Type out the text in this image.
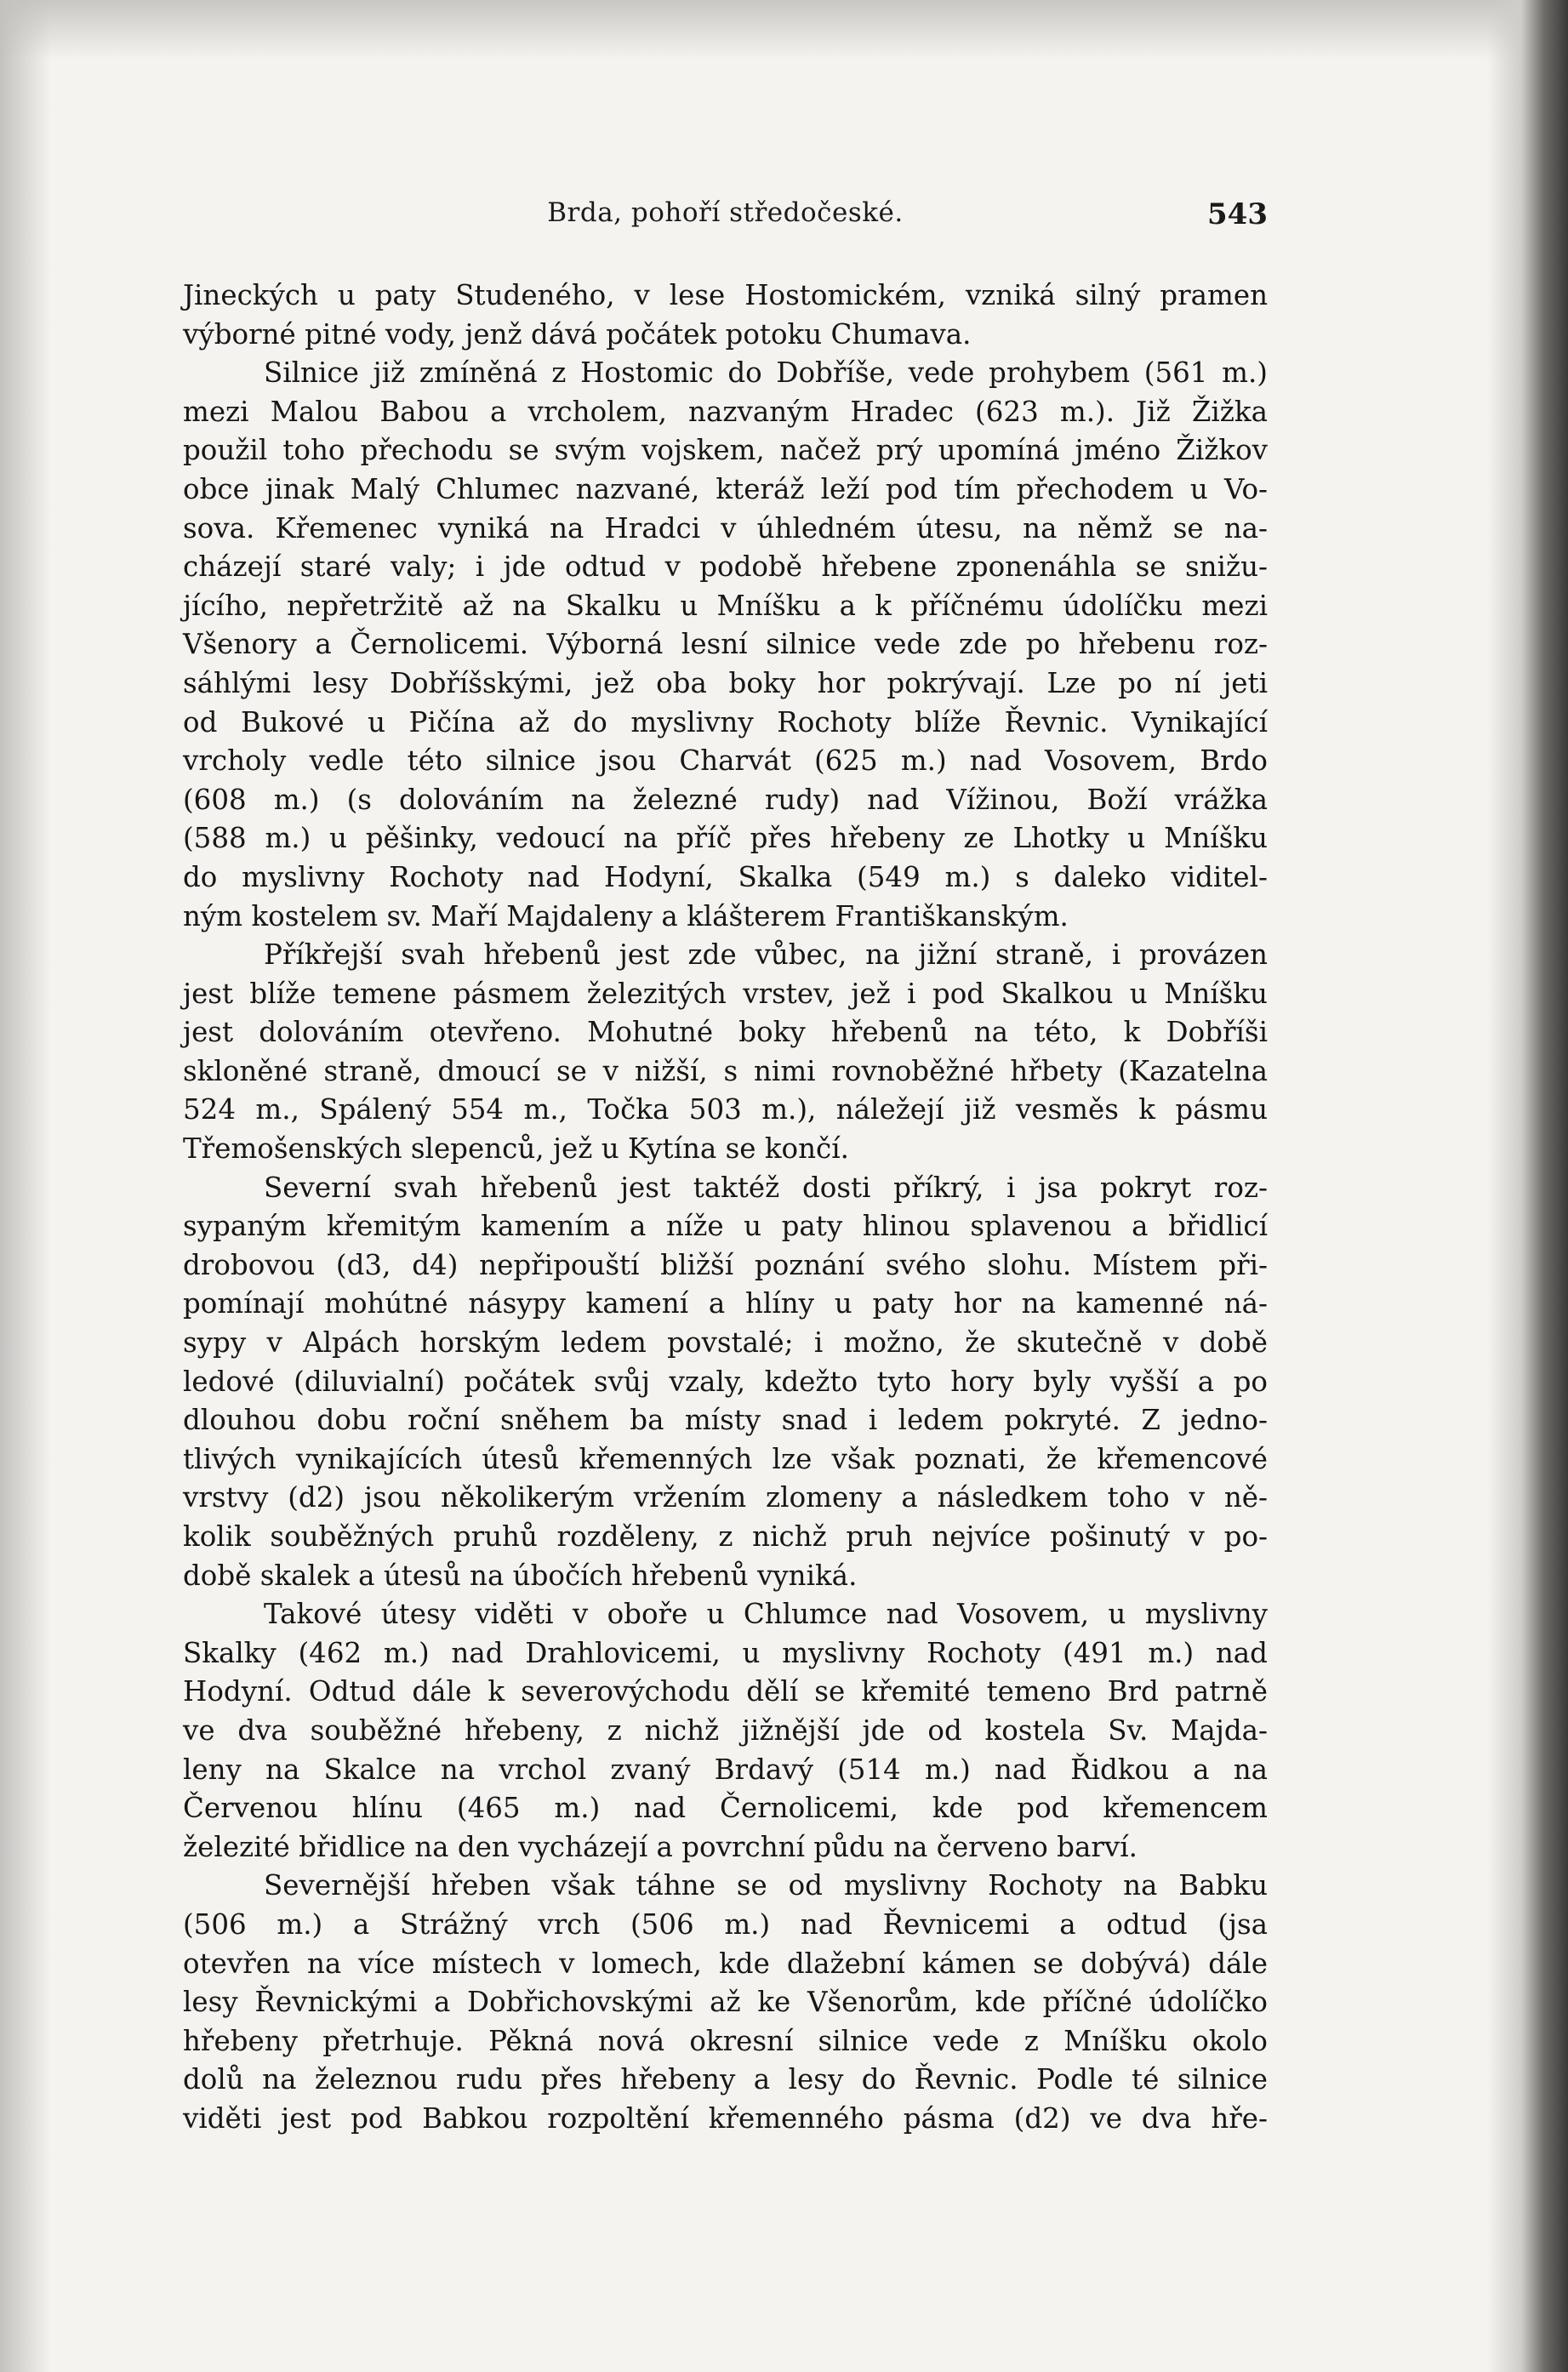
Brda, pohoří středočeské.	543

Jineckých u paty Studeného, v lese Hostomickém, vzniká silný pramen
výborné pitné vody, jenž dává počátek potoku Chumava.

Silnice již zmíněná z Hostomic do Dobříše, vede prohybem (561 m.)
mezi Malou Babou a vrcholem, nazvaným Hradec (623 m.). Již Žižka
použil toho přechodu se svým vojskem, načež prý upomíná jméno Žižkov
obce jinak Malý Chlumec nazvané, kteráž leží pod tím přechodem u Vo-
sova. Křemenec vyniká na Hradci v úhledném útesu, na němž se na-
cházejí staré valy; i jde odtud v podobě hřebene zponenáhla se snižu-
jícího, nepřetržitě až na Skalku u Mníšku a k příčnému údolíčku mezi
Všenory a Černolicemi. Výborná lesní silnice vede zde po hřebenu roz-
sáhlými lesy Dobříšskými, jež oba boky hor pokrývají. Lze po ní jeti
od Bukové u Pičína až do myslivny Rochoty blíže Řevnic. Vynikající
vrcholy vedle této silnice jsou Charvát (625 m.) nad Vosovem, Brdo
(608 m.) (s dolováním na železné rudy) nad Vížinou, Boží vrážka
(588 m.) u pěšinky, vedoucí na příč přes hřebeny ze Lhotky u Mníšku
do myslivny Rochoty nad Hodyní, Skalka (549 m.) s daleko viditel-
ným kostelem sv. Maří Majdaleny a klášterem Františkanským.

Příkřejší svah hřebenů jest zde vůbec, na jižní straně, i provázen
jest blíže temene pásmem železitých vrstev, jež i pod Skalkou u Mníšku
jest dolováním otevřeno. Mohutné boky hřebenů na této, k Dobříši
skloněné straně, dmoucí se v nižší, s nimi rovnoběžné hřbety (Kazatelna
524 m., Spálený 554 m., Točka 503 m.), náležejí již vesměs k pásmu
Třemošenských slepenců, jež u Kytína se končí.

Severní svah hřebenů jest taktéž dosti příkrý, i jsa pokryt roz-
sypaným křemitým kamením a níže u paty hlinou splavenou a břidlicí
drobovou (d3, d4) nepřipouští bližší poznání svého slohu. Místem při-
pomínají mohútné násypy kamení a hlíny u paty hor na kamenné ná-
sypy v Alpách horským ledem povstalé; i možno, že skutečně v době
ledové (diluvialní) počátek svůj vzaly, kdežto tyto hory byly vyšší a po
dlouhou dobu roční sněhem ba místy snad i ledem pokryté. Z jedno-
tlivých vynikajících útesů křemenných lze však poznati, že křemencové
vrstvy (d2) jsou několikerým vržením zlomeny a následkem toho v ně-
kolik souběžných pruhů rozděleny, z nichž pruh nejvíce pošinutý v po-
době skalek a útesů na úbočích hřebenů vyniká.

Takové útesy viděti v oboře u Chlumce nad Vosovem, u myslivny
Skalky (462 m.) nad Drahlovicemi, u myslivny Rochoty (491 m.) nad
Hodyní. Odtud dále k severovýchodu dělí se křemité temeno Brd patrně
ve dva souběžné hřebeny, z nichž jižnější jde od kostela Sv. Majda-
leny na Skalce na vrchol zvaný Brdavý (514 m.) nad Řidkou a na
Červenou hlínu (465 m.) nad Černolicemi, kde pod křemencem
železité břidlice na den vycházejí a povrchní půdu na červeno barví.

Severnější hřeben však táhne se od myslivny Rochoty na Babku
(506 m.) a Strážný vrch (506 m.) nad Řevnicemi a odtud (jsa
otevřen na více místech v lomech, kde dlažební kámen se dobývá) dále
lesy Řevnickými a Dobřichovskými až ke Všenorům, kde příčné údolíčko
hřebeny přetrhuje. Pěkná nová okresní silnice vede z Mníšku okolo
dolů na železnou rudu přes hřebeny a lesy do Řevnic. Podle té silnice
viděti jest pod Babkou rozpoltění křemenného pásma (d2) ve dva hře-
